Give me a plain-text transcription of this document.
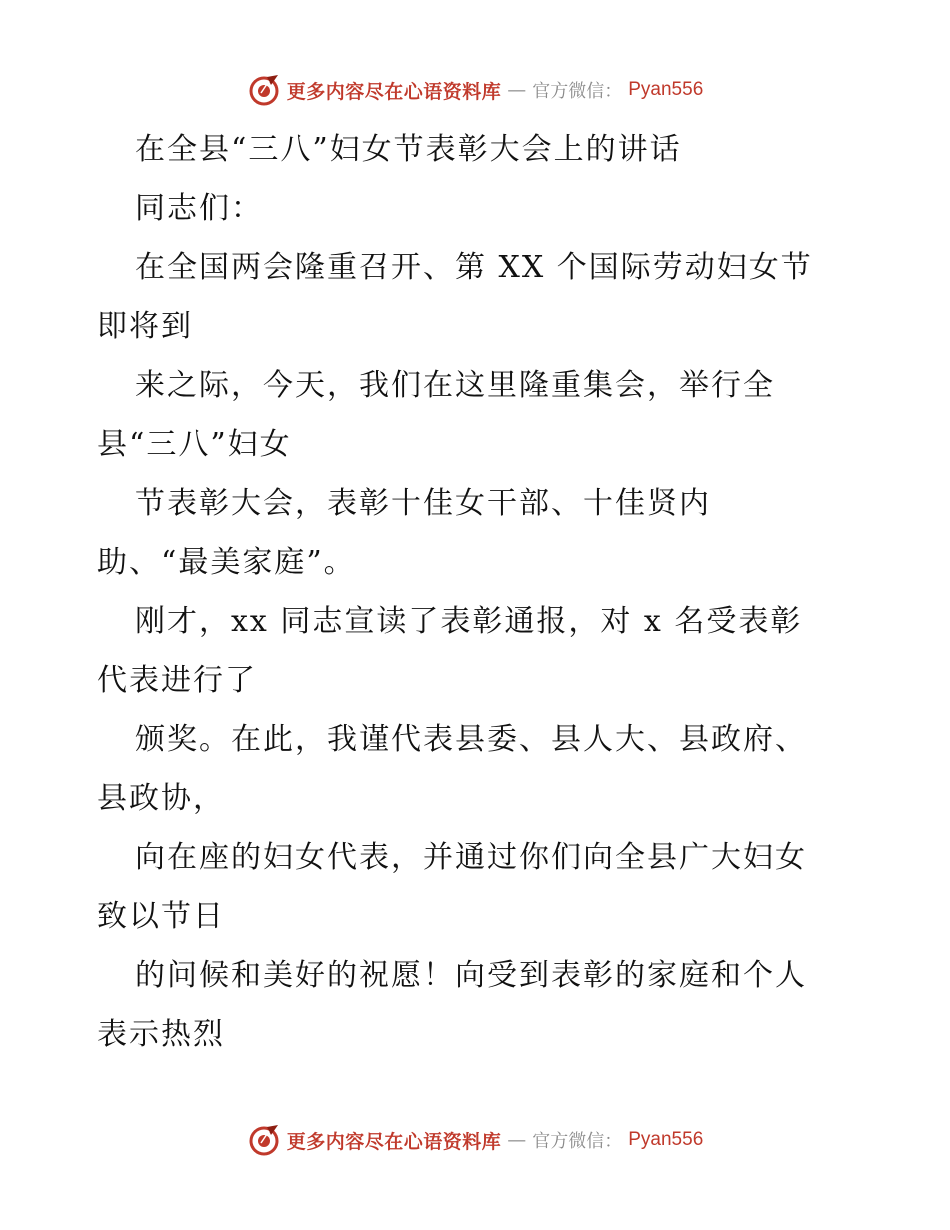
更多内容尽在心语资料库 — 官方微信： Pyan556
在全县“三八”妇女节表彰大会上的讲话
同志们：
在全国两会隆重召开、第 XX 个国际劳动妇女节
即将到
来之际，今天，我们在这里隆重集会，举行全
县“三八”妇女
节表彰大会，表彰十佳女干部、十佳贤内
助、“最美家庭”。
刚才，xx 同志宣读了表彰通报，对 x 名受表彰
代表进行了
颁奖。在此，我谨代表县委、县人大、县政府、
县政协，
向在座的妇女代表，并通过你们向全县广大妇女
致以节日
的问候和美好的祝愿！向受到表彰的家庭和个人
表示热烈
更多内容尽在心语资料库 — 官方微信： Pyan556
